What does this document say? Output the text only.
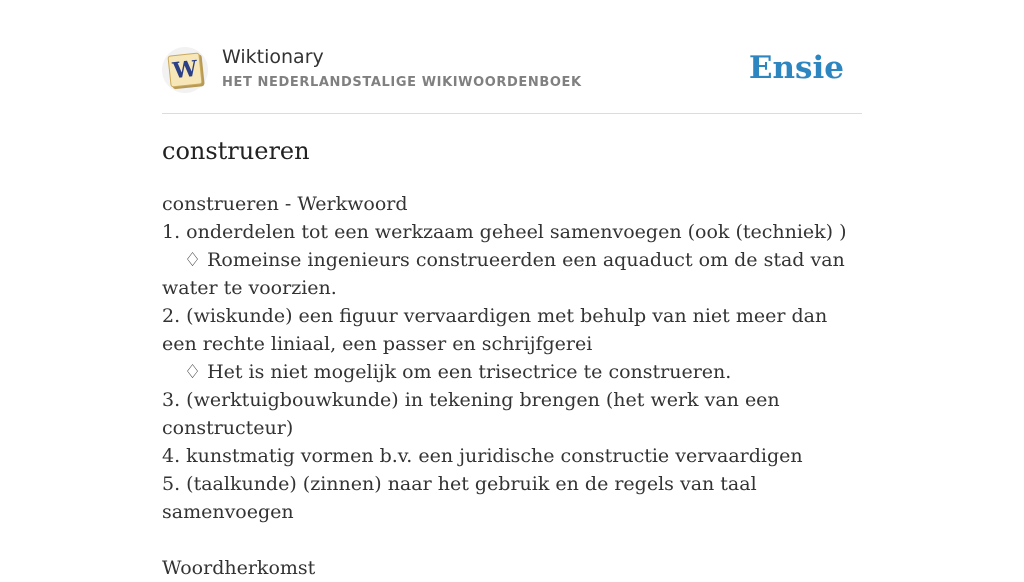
W Wiktionary
HET NEDERLANDSTALIGE WIKIWOORDENBOEK	Ensie
construeren
construeren - Werkwoord
1. onderdelen tot een werkzaam geheel samenvoegen (ook (techniek) )
♢ Romeinse ingenieurs construeerden een aquaduct om de stad van water te voorzien.
2. (wiskunde) een figuur vervaardigen met behulp van niet meer dan een rechte liniaal, een passer en schrijfgerei
♢ Het is niet mogelijk om een trisectrice te construeren.
3. (werktuigbouwkunde) in tekening brengen (het werk van een constructeur)
4. kunstmatig vormen b.v. een juridische constructie vervaardigen
5. (taalkunde) (zinnen) naar het gebruik en de regels van taal samenvoegen
Woordherkomst
